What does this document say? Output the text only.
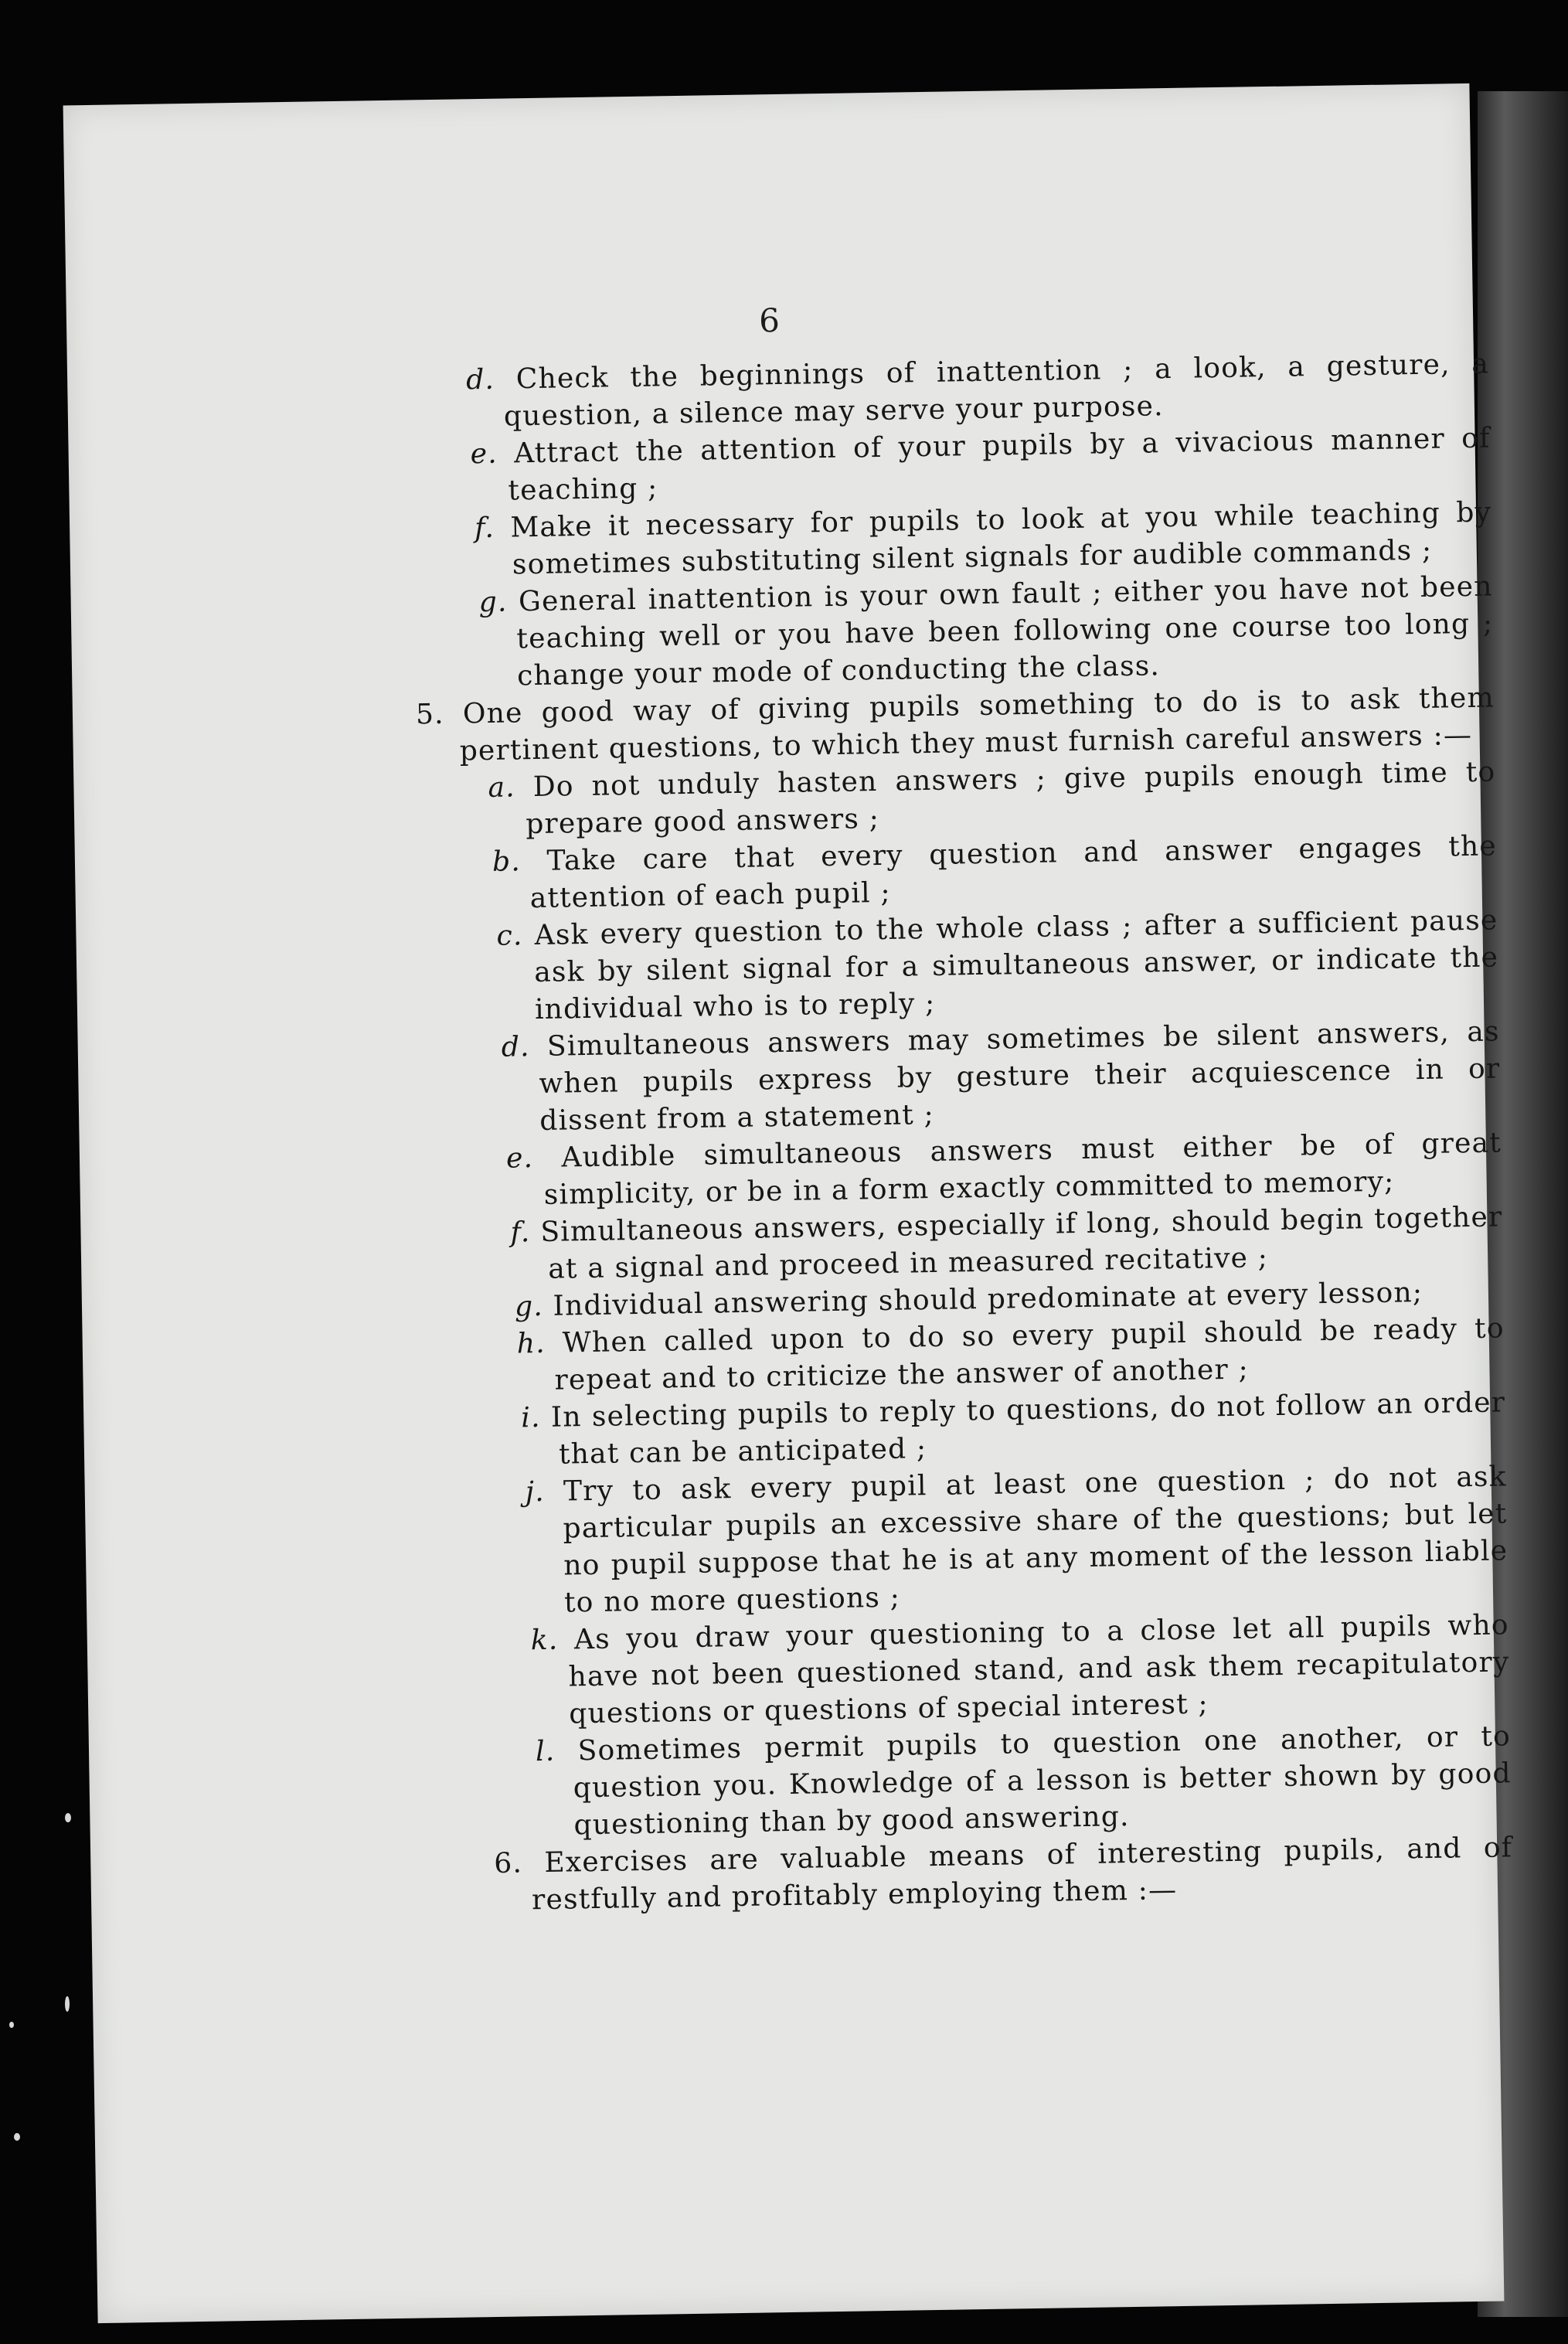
6

d. Check the beginnings of inattention ; a look, a gesture, a question, a silence may serve your purpose.

e. Attract the attention of your pupils by a vivacious manner of teaching ;

f. Make it necessary for pupils to look at you while teaching by sometimes substituting silent signals for audible commands ;

g. General inattention is your own fault ; either you have not been teaching well or you have been following one course too long ; change your mode of conducting the class.

5. One good way of giving pupils something to do is to ask them pertinent questions, to which they must furnish careful answers :—

a. Do not unduly hasten answers ; give pupils enough time to prepare good answers ;

b. Take care that every question and answer engages the attention of each pupil ;

c. Ask every question to the whole class ; after a sufficient pause ask by silent signal for a simultaneous answer, or indicate the individual who is to reply ;

d. Simultaneous answers may sometimes be silent answers, as when pupils express by gesture their acquiescence in or dissent from a statement ;

e. Audible simultaneous answers must either be of great simplicity, or be in a form exactly committed to memory;

f. Simultaneous answers, especially if long, should begin together at a signal and proceed in measured recitative ;

g. Individual answering should predominate at every lesson;

h. When called upon to do so every pupil should be ready to repeat and to criticize the answer of another ;

i. In selecting pupils to reply to questions, do not follow an order that can be anticipated ;

j. Try to ask every pupil at least one question ; do not ask particular pupils an excessive share of the questions; but let no pupil suppose that he is at any moment of the lesson liable to no more questions ;

k. As you draw your questioning to a close let all pupils who have not been questioned stand, and ask them recapitulatory questions or questions of special interest ;

l. Sometimes permit pupils to question one another, or to question you. Knowledge of a lesson is better shown by good questioning than by good answering.

6. Exercises are valuable means of interesting pupils, and of restfully and profitably employing them :—
